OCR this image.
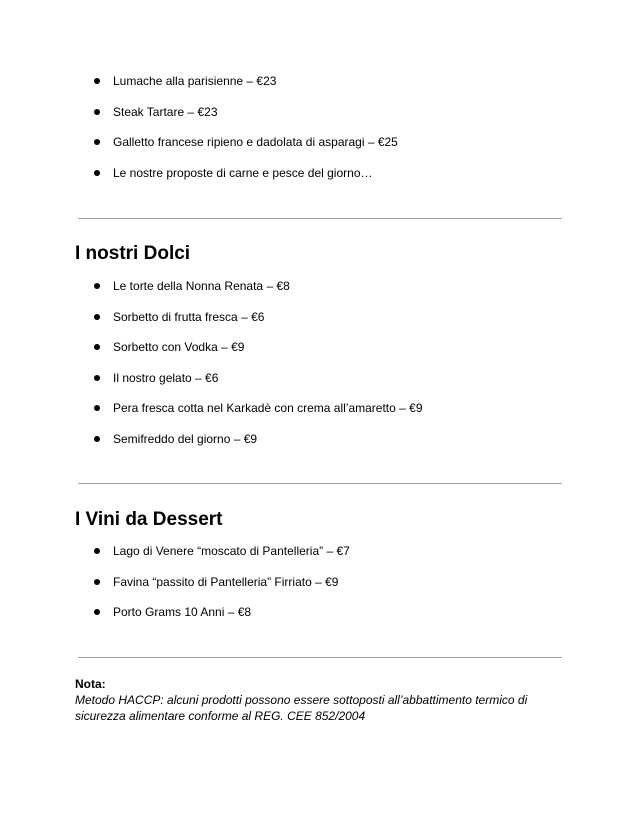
Lumache alla parisienne – €23
Steak Tartare – €23
Galletto francese ripieno e dadolata di asparagi – €25
Le nostre proposte di carne e pesce del giorno…
I nostri Dolci
Le torte della Nonna Renata – €8
Sorbetto di frutta fresca – €6
Sorbetto con Vodka – €9
Il nostro gelato – €6
Pera fresca cotta nel Karkadè con crema all’amaretto – €9
Semifreddo del giorno – €9
I Vini da Dessert
Lago di Venere “moscato di Pantelleria” – €7
Favina “passito di Pantelleria” Firriato – €9
Porto Grams 10 Anni – €8
Nota:
Metodo HACCP: alcuni prodotti possono essere sottoposti all’abbattimento termico di sicurezza alimentare conforme al REG. CEE 852/2004
